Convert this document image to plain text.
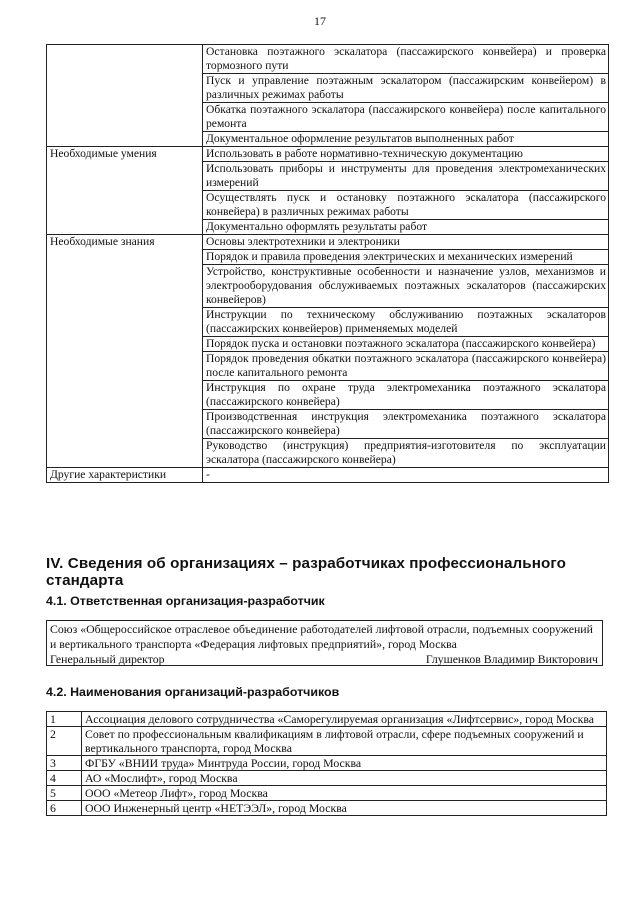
17
	Остановка поэтажного эскалатора (пассажирского конвейера) и проверка тормозного пути
	Пуск и управление поэтажным эскалатором (пассажирским конвейером) в различных режимах работы
	Обкатка поэтажного эскалатора (пассажирского конвейера) после капитального ремонта
	Документальное оформление результатов выполненных работ
Необходимые умения	Использовать в работе нормативно-техническую документацию
	Использовать приборы и инструменты для проведения электромеханических измерений
	Осуществлять пуск и остановку поэтажного эскалатора (пассажирского конвейера) в различных режимах работы
	Документально оформлять результаты работ
Необходимые знания	Основы электротехники и электроники
	Порядок и правила проведения электрических и механических измерений
	Устройство, конструктивные особенности и назначение узлов, механизмов и электрооборудования обслуживаемых поэтажных эскалаторов (пассажирских конвейеров)
	Инструкции по техническому обслуживанию поэтажных эскалаторов (пассажирских конвейеров) применяемых моделей
	Порядок пуска и остановки поэтажного эскалатора (пассажирского конвейера)
	Порядок проведения обкатки поэтажного эскалатора (пассажирского конвейера) после капитального ремонта
	Инструкция по охране труда электромеханика поэтажного эскалатора (пассажирского конвейера)
	Производственная инструкция электромеханика поэтажного эскалатора (пассажирского конвейера)
	Руководство (инструкция) предприятия-изготовителя по эксплуатации эскалатора (пассажирского конвейера)
Другие характеристики	-
IV. Сведения об организациях – разработчиках профессионального стандарта
4.1. Ответственная организация-разработчик
Союз «Общероссийское отраслевое объединение работодателей лифтовой отрасли, подъемных сооружений и вертикального транспорта «Федерация лифтовых предприятий», город Москва
Генеральный директор	Глушенков Владимир Викторович
4.2. Наименования организаций-разработчиков
1	Ассоциация делового сотрудничества «Саморегулируемая организация «Лифтсервис», город Москва
2	Совет по профессиональным квалификациям в лифтовой отрасли, сфере подъемных сооружений и вертикального транспорта, город Москва
3	ФГБУ «ВНИИ труда» Минтруда России, город Москва
4	АО «Мослифт», город Москва
5	ООО «Метеор Лифт», город Москва
6	ООО Инженерный центр «НЕТЭЭЛ», город Москва
